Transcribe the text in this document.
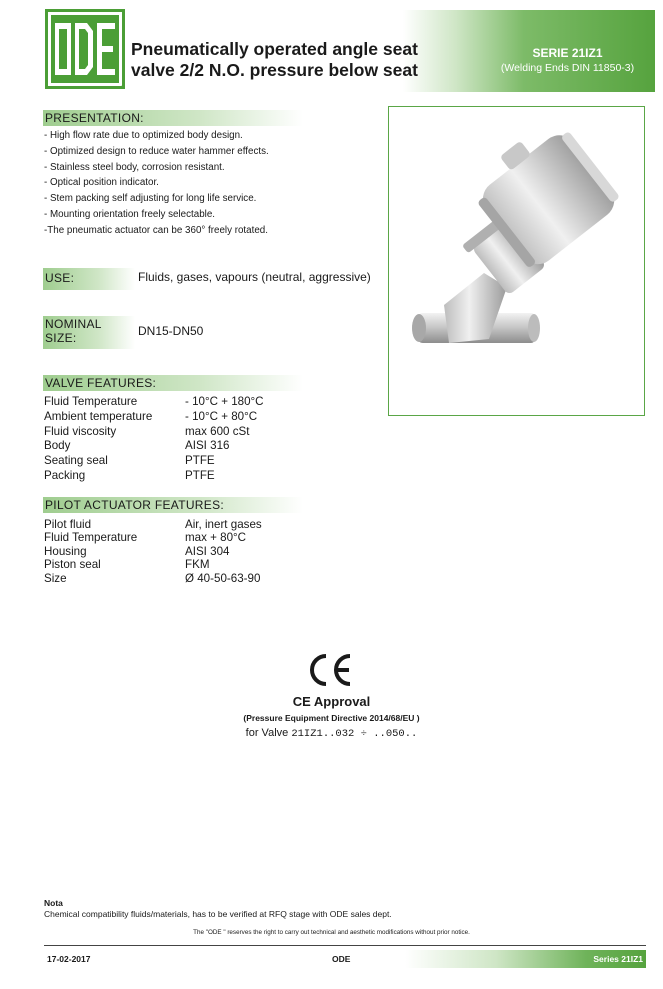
®
Pneumatically operated angle seat
valve 2/2 N.O. pressure below seat
SERIE 21IZ1
(Welding Ends DIN 11850-3)
PRESENTATION:
- High flow rate due to optimized body design.
- Optimized design to reduce water hammer effects.
- Stainless steel body, corrosion resistant.
- Optical position indicator.
- Stem packing self adjusting for long life service.
- Mounting orientation freely selectable.
-The pneumatic actuator can be 360° freely rotated.
USE:	Fluids, gases, vapours (neutral, aggressive)
NOMINAL
SIZE:	DN15-DN50
VALVE FEATURES:
Fluid Temperature	- 10°C + 180°C
Ambient temperature	- 10°C + 80°C
Fluid viscosity	max 600 cSt
Body	AISI 316
Seating seal	PTFE
Packing	PTFE
PILOT ACTUATOR FEATURES:
Pilot fluid	Air, inert gases
Fluid Temperature	max + 80°C
Housing	AISI 304
Piston seal	FKM
Size	Ø 40-50-63-90
CE Approval
(Pressure Equipment Directive 2014/68/EU )
for Valve 21IZ1..032 ÷ ..050..
Nota
Chemical compatibility fluids/materials, has to be verified at RFQ stage with ODE sales dept.
The "ODE " reserves the right to carry out technical and aesthetic modifications without prior notice.
17-02-2017	ODE	Series 21IZ1
